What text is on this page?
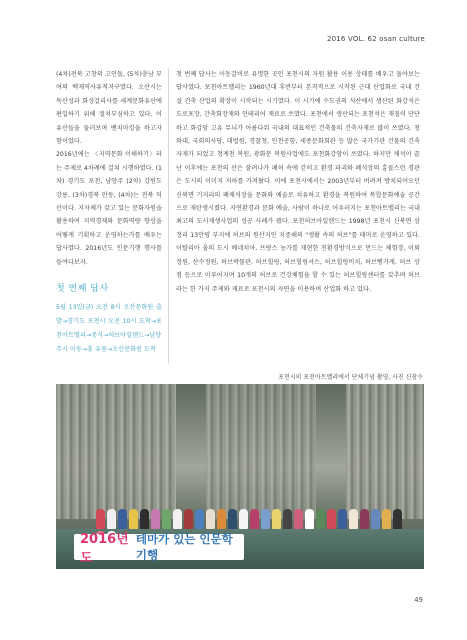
2016 VOL. 62 osan culture

(4차)전북 고창의 고인돌, (5차)충남 부여의 백제역사유적지구였다. 오산시는 독산성과 화성걸리사를 세계문화유산에 편입하기 위해 절치부심하고 있다. 이 유산들을 둘러보며 벤치마킹을 하고자 함이었다.

2016년에는 〈지역문화 이해하기〉라는 주제로 4차례에 걸쳐 시행하였다. (1차) 경기도 포천, 남양주 (2차) 강원도 강릉, (3차)경북 안동, (4차)는 전북 익산이다. 지자체가 갖고 있는 문화자원을 활용하여 지역경제와 문화역량 향상을 어떻게 기획하고 운영하는가를 배우는 답사였다. 2016년도 인문기행 행사를 들여다보자.

첫 번째 답사
5월 13일(금) 오전 8시 오산문화원 출발→경기도 포천시 오전 10시 도착→포천아트밸리→중식→허브아일랜드→남양주시 이동→홍 유릉→오산문화원 도착

첫 번째 답사는 이동갈비로 유명한 곳인 포천시의 자원 활용 이용 상태를 배우고 돌아보는 답사였다. 포천아트밸리는 1960년대 후반부터 본격적으로 시작된 근대 산업화로 국내 건설 건축 산업의 확장이 시작되는 시기였다. 이 시기에 수도권의 석산에서 생산된 화강석은 도로포장, 간축회장재와 인테리어 재료로 쓰였다. 포천에서 생산되는 포천석은 재질이 단단하고 화강암 고유 무늬가 아름다워 국내의 대표적인 건축물의 건축자재로 많이 쓰였다. 청와대, 국회의사당, 대법원, 경찰청, 인천공항, 세종문화회관 등 많은 국가기관 건물의 건축자재가 되었고 청계천 복원, 광화문 복원사업에도 포천화강암이 쓰였다. 하지만 채석이 끝난 이후에는 포천의 산은 잘려나가 폐허 속에 갇히고 환경 파괴와 폐석장의 흉물스런 경관은 도시의 이미지 저하를 가져왔다. 이에 포천시에서는 2003년부터 버려져 방치되어오던 신북면 기지리의 폐채석장을 문화와 예술로 치유하고 환경을 복원하여 복합문화예술 공간으로 재탄생시켰다. 자연환경과 문화 예술, 사람이 하나로 어우러지는 포천아트밸리는 국내 최고의 도시재생사업의 성공 사례가 됐다. 포천허브아일랜드는 1998년 포천시 신북면 삼정리 13만평 부지에 허브의 원산지인 지중해의 "생활 속의 허브"를 테마로 운영하고 있다. 이탈리아 몰의 도시 베네치아, 프랑스 농가를 재현한 친환경방식으로 만드는 체험장, 이외정원, 산수정원, 허브박물관, 허브힐링, 허브힐링셔스, 허브힐링비치, 허브빵가게, 허브 상점 등으로 이루어지며 10개의 허브로 건강체험을 할 수 있는 허브힐링센터를 갖추며 허브라는 한 가지 주제와 재료로 포천시의 자연을 이용하며 산업화 하고 있다.

포천시의 포천아트밸리에서 단체기념 촬영, 사진 신창수
2016년도
테마가 있는 인문학 기행
49
